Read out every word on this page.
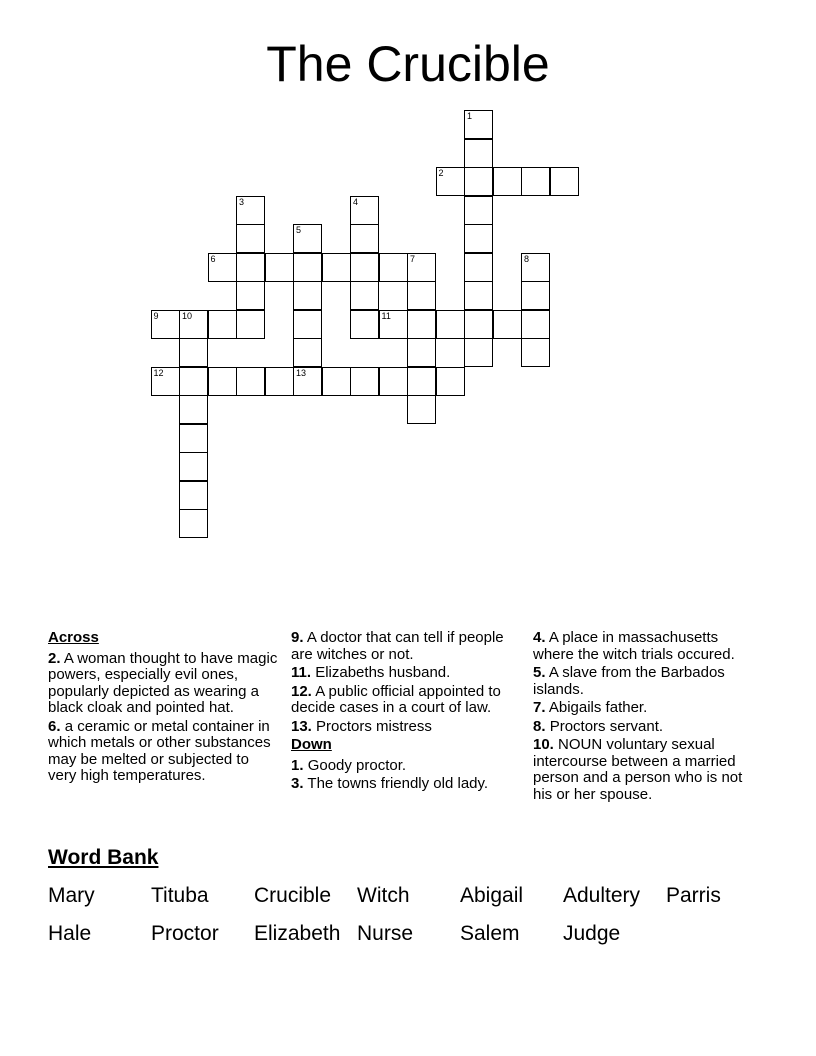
The Crucible
1
2
3	4
5
6	7	8
9	10	11
12	13
Across

2. A woman thought to have magic powers, especially evil ones, popularly depicted as wearing a black cloak and pointed hat.

6. a ceramic or metal container in which metals or other substances may be melted or subjected to very high temperatures.

9. A doctor that can tell if people are witches or not.

11. Elizabeths husband.

12. A public official appointed to decide cases in a court of law.

13. Proctors mistress

Down

1. Goody proctor.

3. The towns friendly old lady.

4. A place in massachusetts where the witch trials occured.

5. A slave from the Barbados islands.

7. Abigails father.

8. Proctors servant.

10. NOUN voluntary sexual intercourse between a married person and a person who is not his or her spouse.

Word Bank
Mary	Tituba Crucible Witch Abigail Adultery Parris
Hale	Proctor Elizabeth Nurse Salem Judge
